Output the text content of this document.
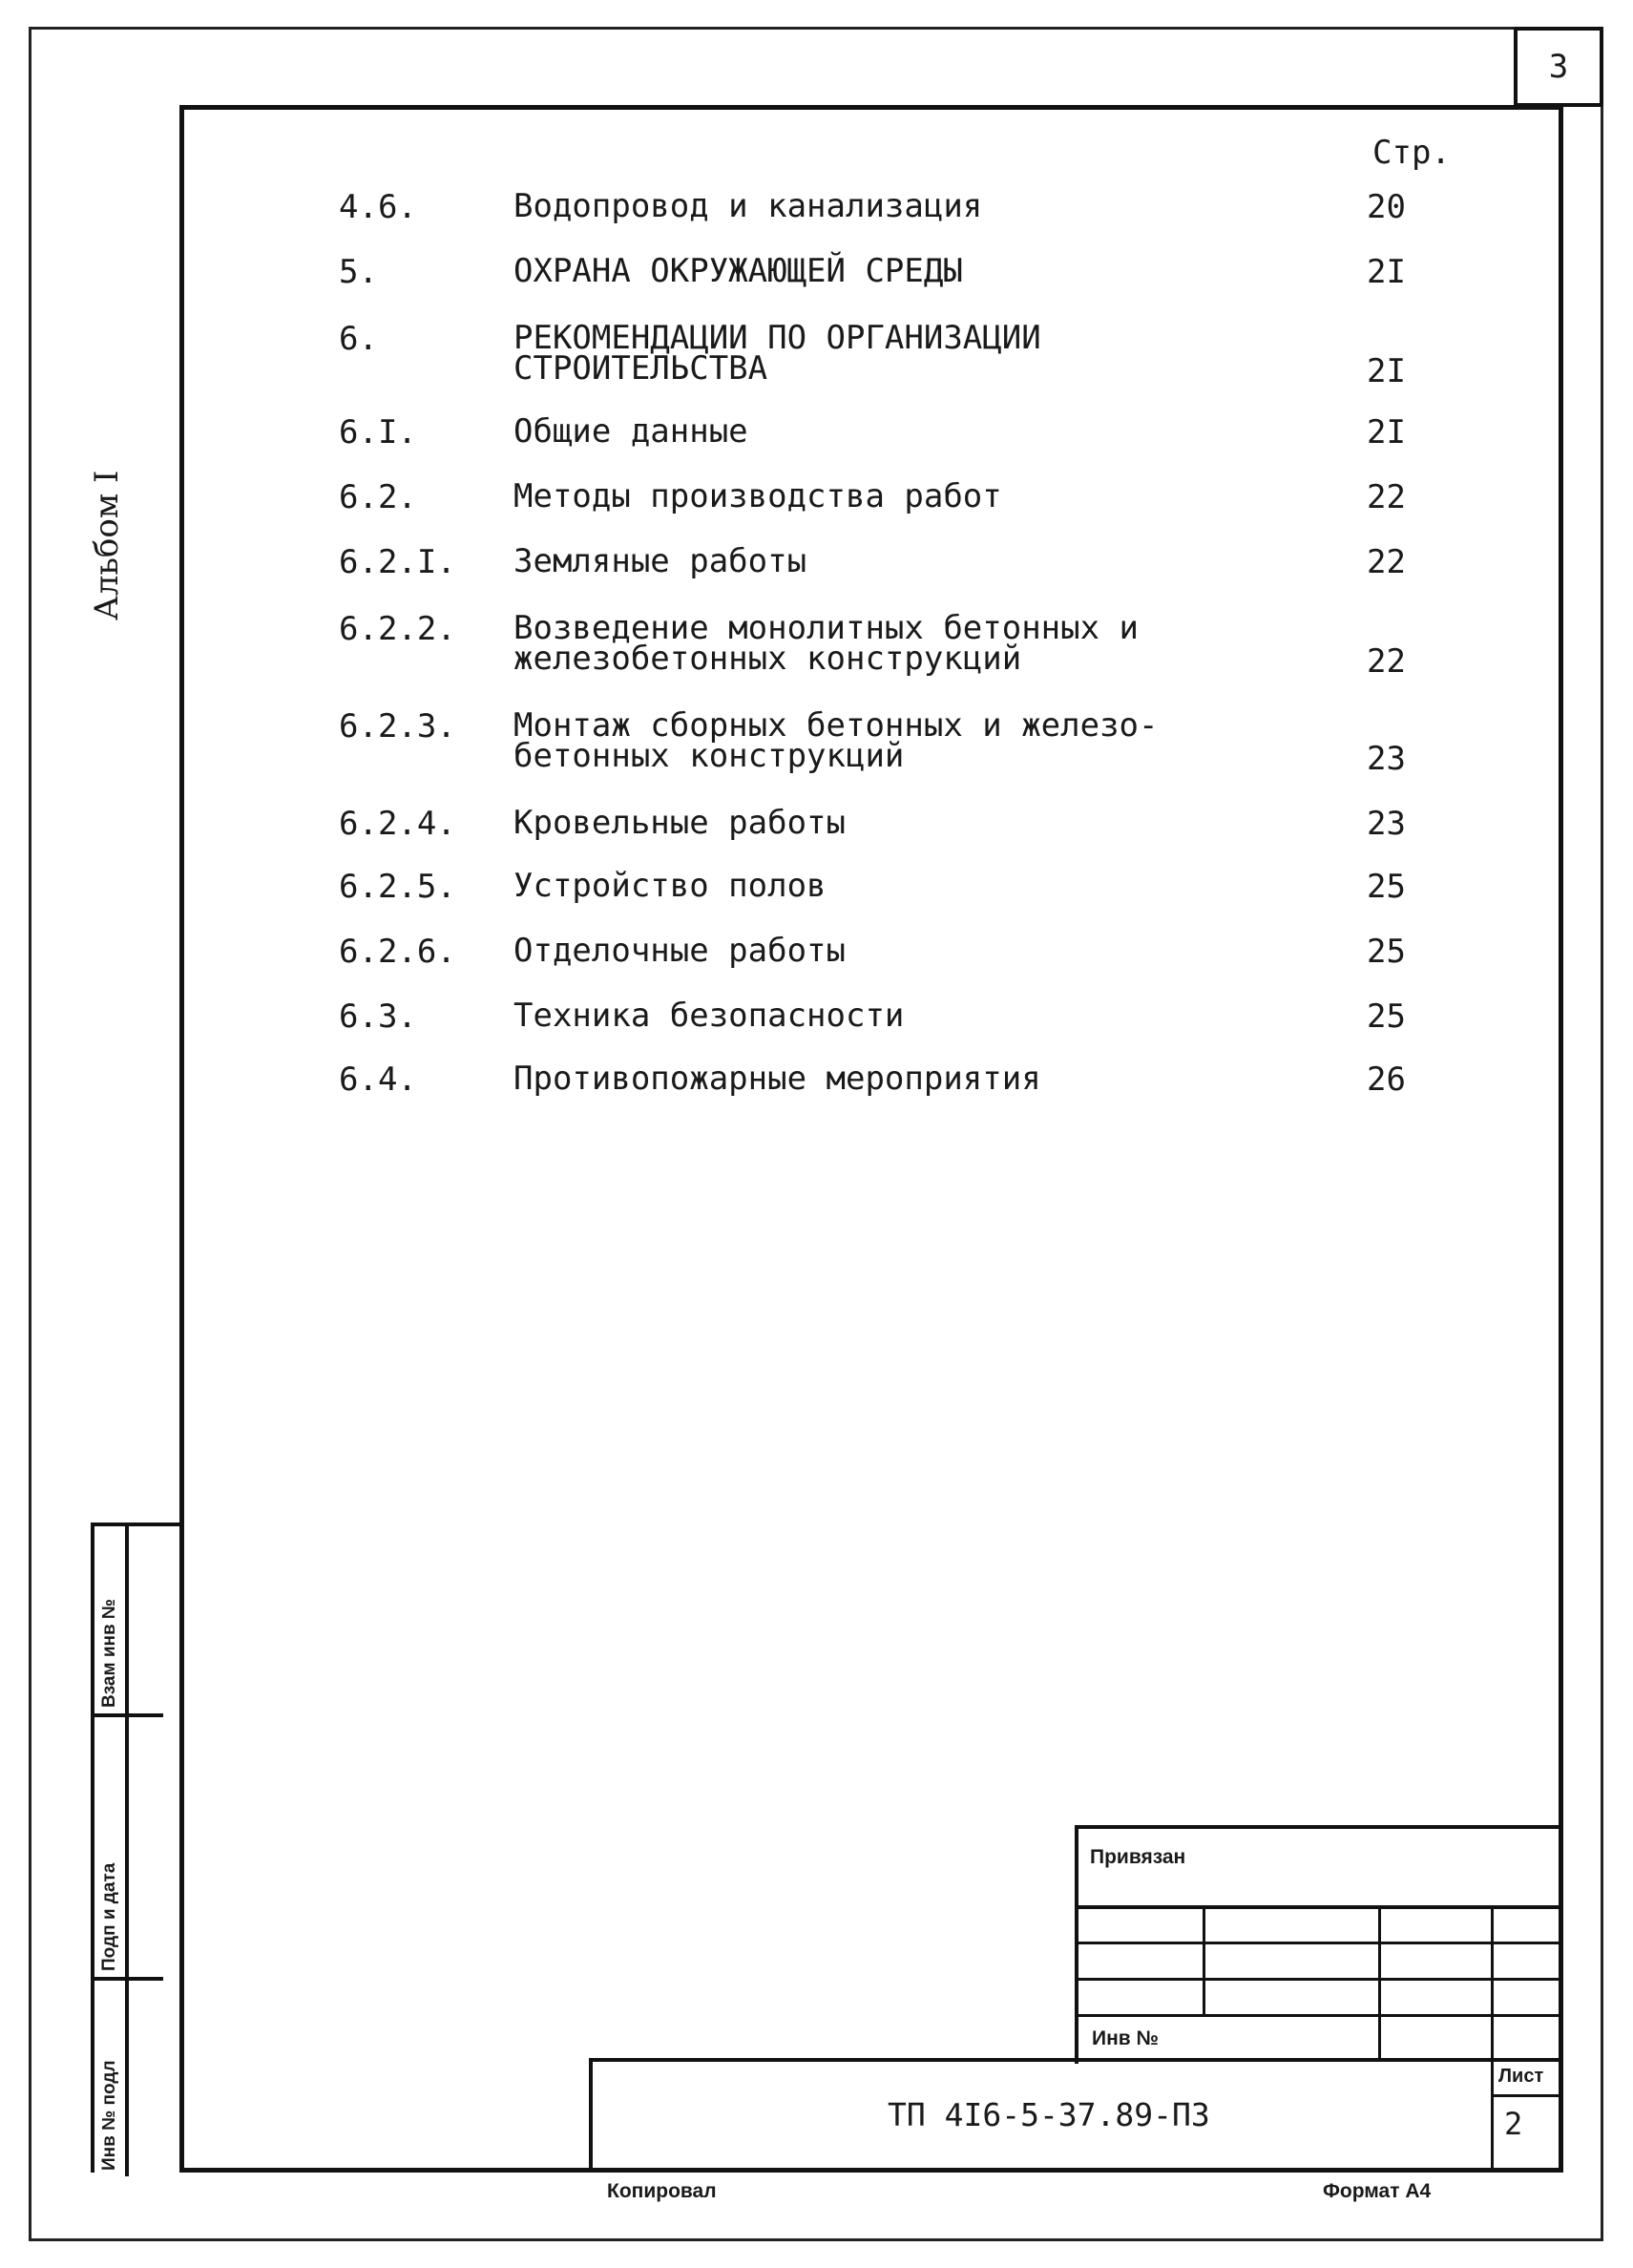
3
Альбом I
Стр.
4.6.	Водопровод и канализация	20
5.	ОХРАНА ОКРУЖАЮЩЕЙ СРЕДЫ	2I
6.	РЕКОМЕНДАЦИИ ПО ОРГАНИЗАЦИИ
СТРОИТЕЛЬСТВА	2I
6.I.	Общие данные	2I
6.2.	Методы производства работ	22
6.2.I. Земляные работы	22
6.2.2. Возведение монолитных бетонных и
железобетонных конструкций	22
6.2.3. Монтаж сборных бетонных и железо-
бетонных конструкций	23
6.2.4. Кровельные работы	23
6.2.5. Устройство полов	25
6.2.6. Отделочные работы	25
6.3.	Техника безопасности	25
6.4.	Противопожарные мероприятия	26
Взам инв №
Подп и дата
Инв № подл
Привязан
Инв №
Лист
2
ТП 4I6-5-37.89-ПЗ
Копировал	Формат А4
